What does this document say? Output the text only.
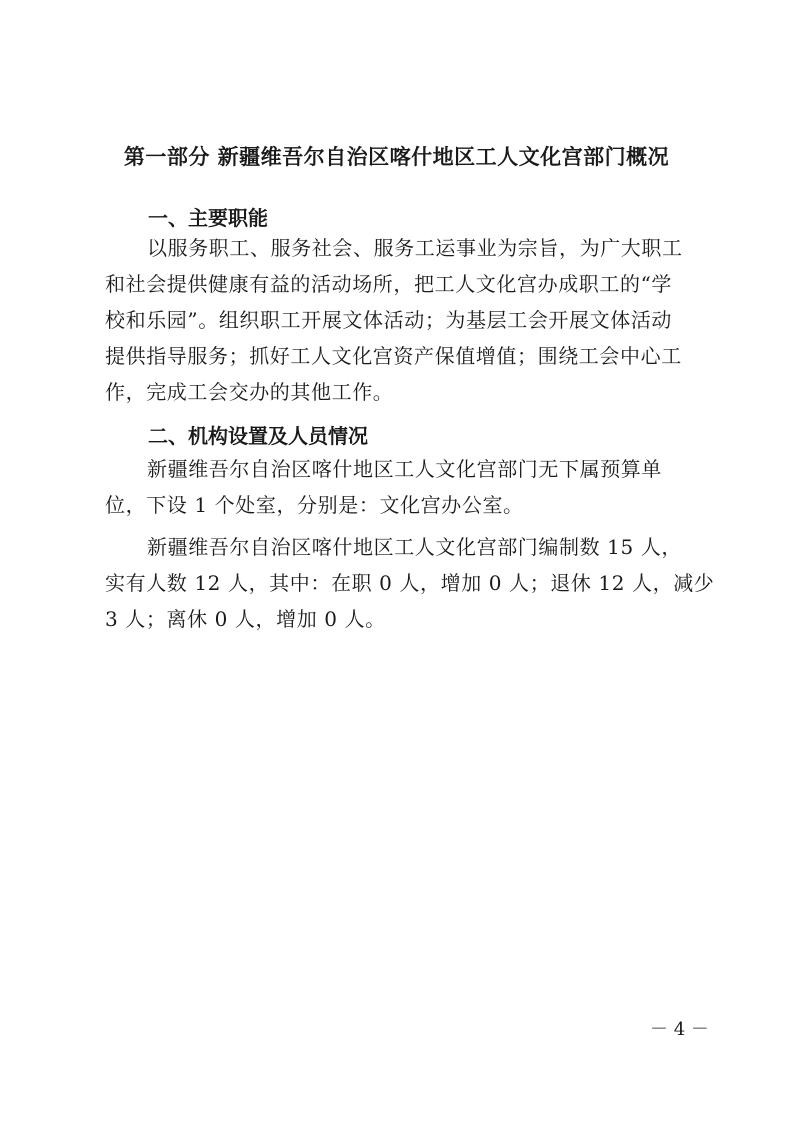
第一部分 新疆维吾尔自治区喀什地区工人文化宫部门概况
一、主要职能
以服务职工、服务社会、服务工运事业为宗旨，为广大职工
和社会提供健康有益的活动场所，把工人文化宫办成职工的“学
校和乐园”。组织职工开展文体活动；为基层工会开展文体活动
提供指导服务；抓好工人文化宫资产保值增值；围绕工会中心工
作，完成工会交办的其他工作。
二、机构设置及人员情况
新疆维吾尔自治区喀什地区工人文化宫部门无下属预算单
位，下设 1 个处室，分别是：文化宫办公室。
新疆维吾尔自治区喀什地区工人文化宫部门编制数 15 人，
实有人数 12 人，其中：在职 0 人，增加 0 人；退休 12 人，减少
3 人；离休 0 人，增加 0 人。
－ 4 －
